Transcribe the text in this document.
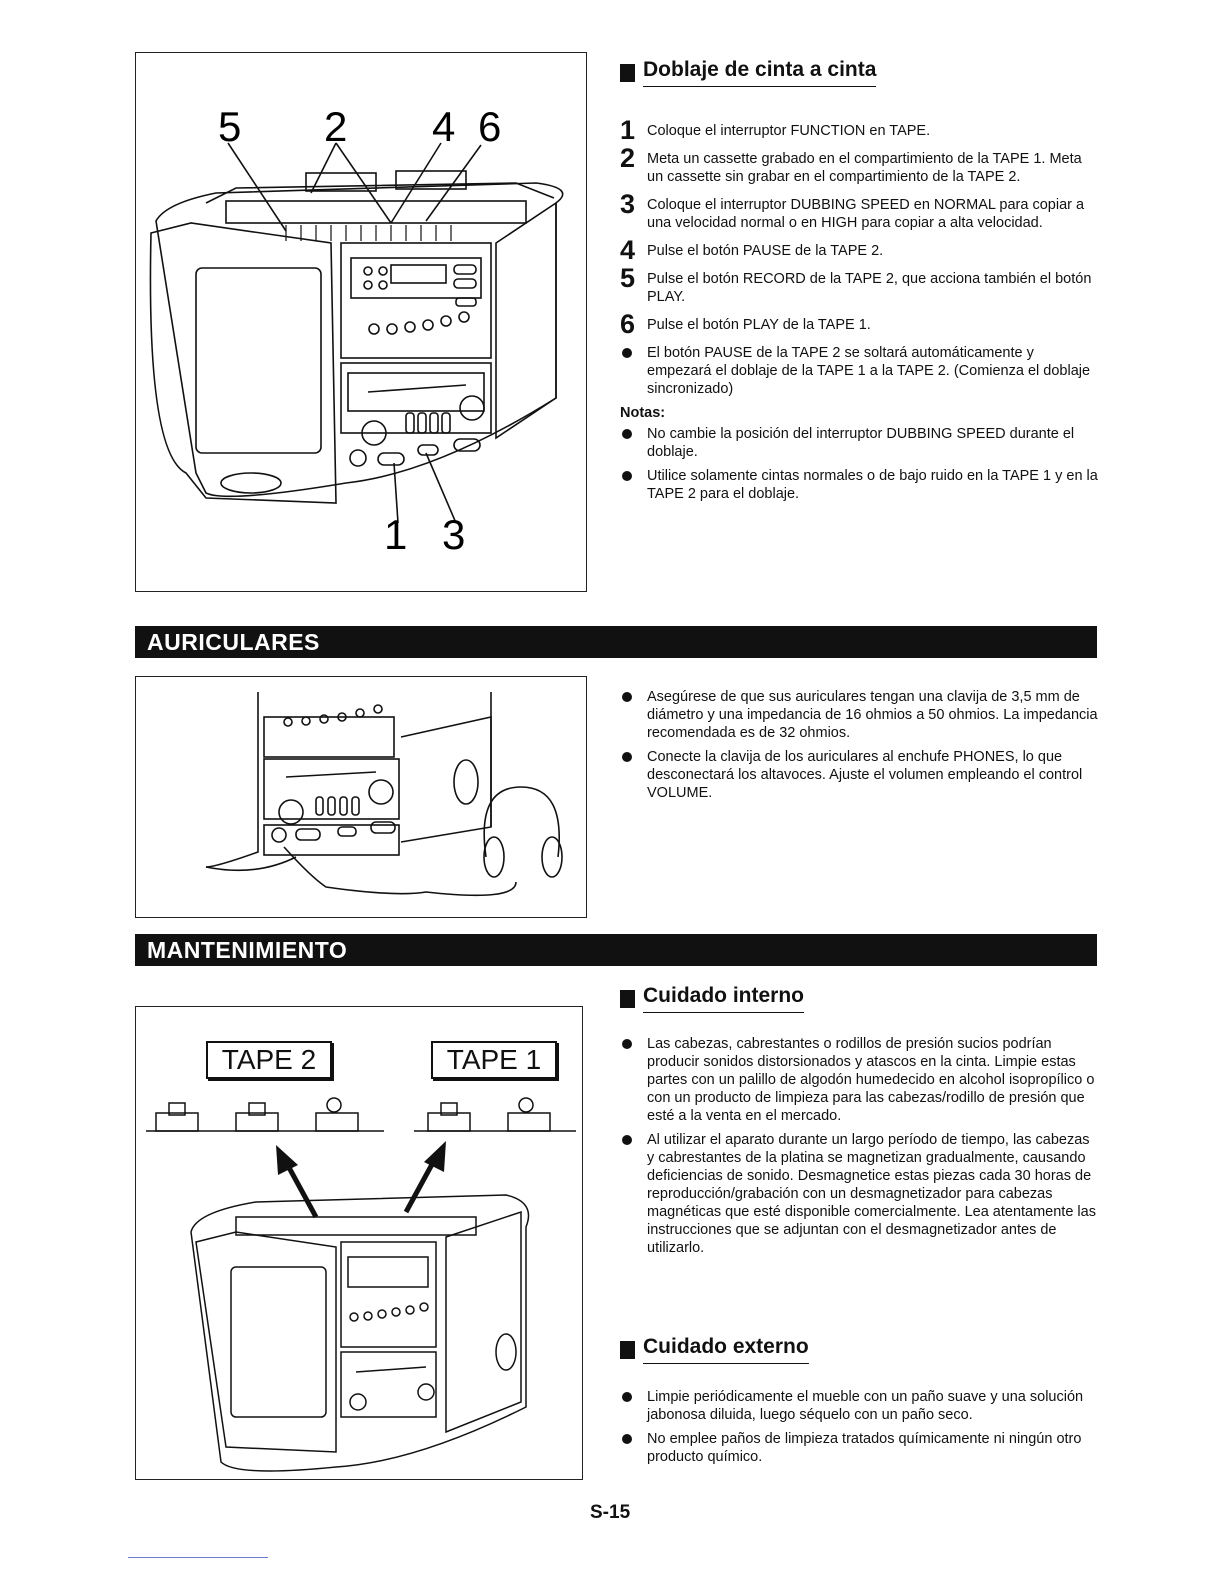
5 2 4 6
1 3
Doblaje de cinta a cinta
1 Coloque el interruptor FUNCTION en TAPE.
2 Meta un cassette grabado en el compartimiento de la TAPE 1. Meta un cassette sin grabar en el compartimiento de la TAPE 2.
3 Coloque el interruptor DUBBING SPEED en NORMAL para copiar a una velocidad normal o en HIGH para copiar a alta velocidad.
4 Pulse el botón PAUSE de la TAPE 2.
5 Pulse el botón RECORD de la TAPE 2, que acciona también el botón PLAY.
6 Pulse el botón PLAY de la TAPE 1.
El botón PAUSE de la TAPE 2 se soltará automáticamente y empezará el doblaje de la TAPE 1 a la TAPE 2. (Comienza el doblaje sincronizado)
Notas:
No cambie la posición del interruptor DUBBING SPEED durante el doblaje.
Utilice solamente cintas normales o de bajo ruido en la TAPE 1 y en la TAPE 2 para el doblaje.
AURICULARES
Asegúrese de que sus auriculares tengan una clavija de 3,5 mm de diámetro y una impedancia de 16 ohmios a 50 ohmios. La impedancia recomendada es de 32 ohmios.
Conecte la clavija de los auriculares al enchufe PHONES, lo que desconectará los altavoces. Ajuste el volumen empleando el control VOLUME.
MANTENIMIENTO
TAPE 2	TAPE 1
Cuidado interno
Las cabezas, cabrestantes o rodillos de presión sucios podrían producir sonidos distorsionados y atascos en la cinta. Limpie estas partes con un palillo de algodón humedecido en alcohol isopropílico o con un producto de limpieza para las cabezas/rodillo de presión que esté a la venta en el mercado.
Al utilizar el aparato durante un largo período de tiempo, las cabezas y cabrestantes de la platina se magnetizan gradualmente, causando deficiencias de sonido. Desmagnetice estas piezas cada 30 horas de reproducción/grabación con un desmagnetizador para cabezas magnéticas que esté disponible comercialmente. Lea atentamente las instrucciones que se adjuntan con el desmagnetizador antes de utilizarlo.
Cuidado externo
Limpie periódicamente el mueble con un paño suave y una solución jabonosa diluida, luego séquelo con un paño seco.
No emplee paños de limpieza tratados químicamente ni ningún otro producto químico.
S-15
